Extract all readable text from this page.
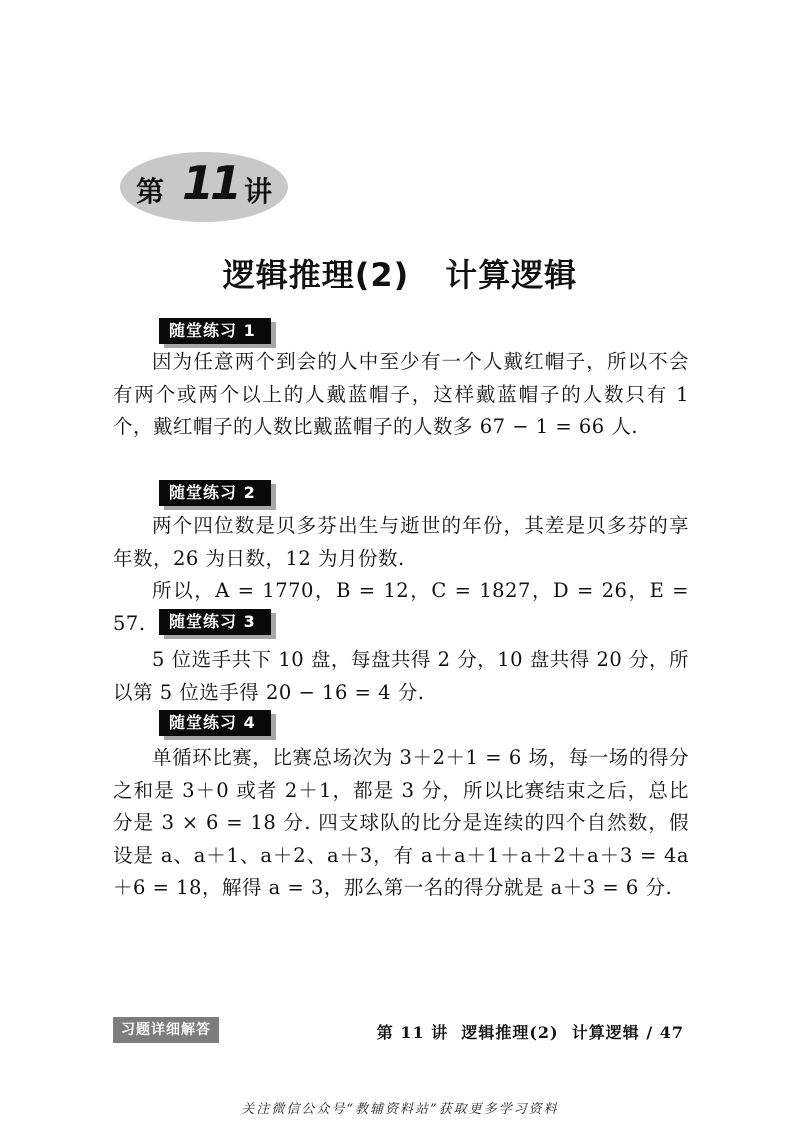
第 11 讲
逻辑推理(2) 计算逻辑
随堂练习 1

因为任意两个到会的人中至少有一个人戴红帽子，所以不会有两个或两个以上的人戴蓝帽子，这样戴蓝帽子的人数只有 1 个，戴红帽子的人数比戴蓝帽子的人数多 67 − 1 = 66 人.

随堂练习 2

两个四位数是贝多芬出生与逝世的年份，其差是贝多芬的享年数，26 为日数，12 为月份数.

所以，A = 1770，B = 12，C = 1827，D = 26，E = 57.	随堂练习 3

5 位选手共下 10 盘，每盘共得 2 分，10 盘共得 20 分，所以第 5 位选手得 20 − 16 = 4 分.

随堂练习 4

单循环比赛，比赛总场次为 3＋2＋1 = 6 场，每一场的得分之和是 3＋0 或者 2＋1，都是 3 分，所以比赛结束之后，总比分是 3 × 6 = 18 分. 四支球队的比分是连续的四个自然数，假设是 a、a＋1、a＋2、a＋3，有 a＋a＋1＋a＋2＋a＋3 = 4a＋6 = 18，解得 a = 3，那么第一名的得分就是 a＋3 = 6 分.

习题详细解答	第 11 讲  逻辑推理(2)  计算逻辑 / 47
关注微信公众号“教辅资料站”获取更多学习资料
